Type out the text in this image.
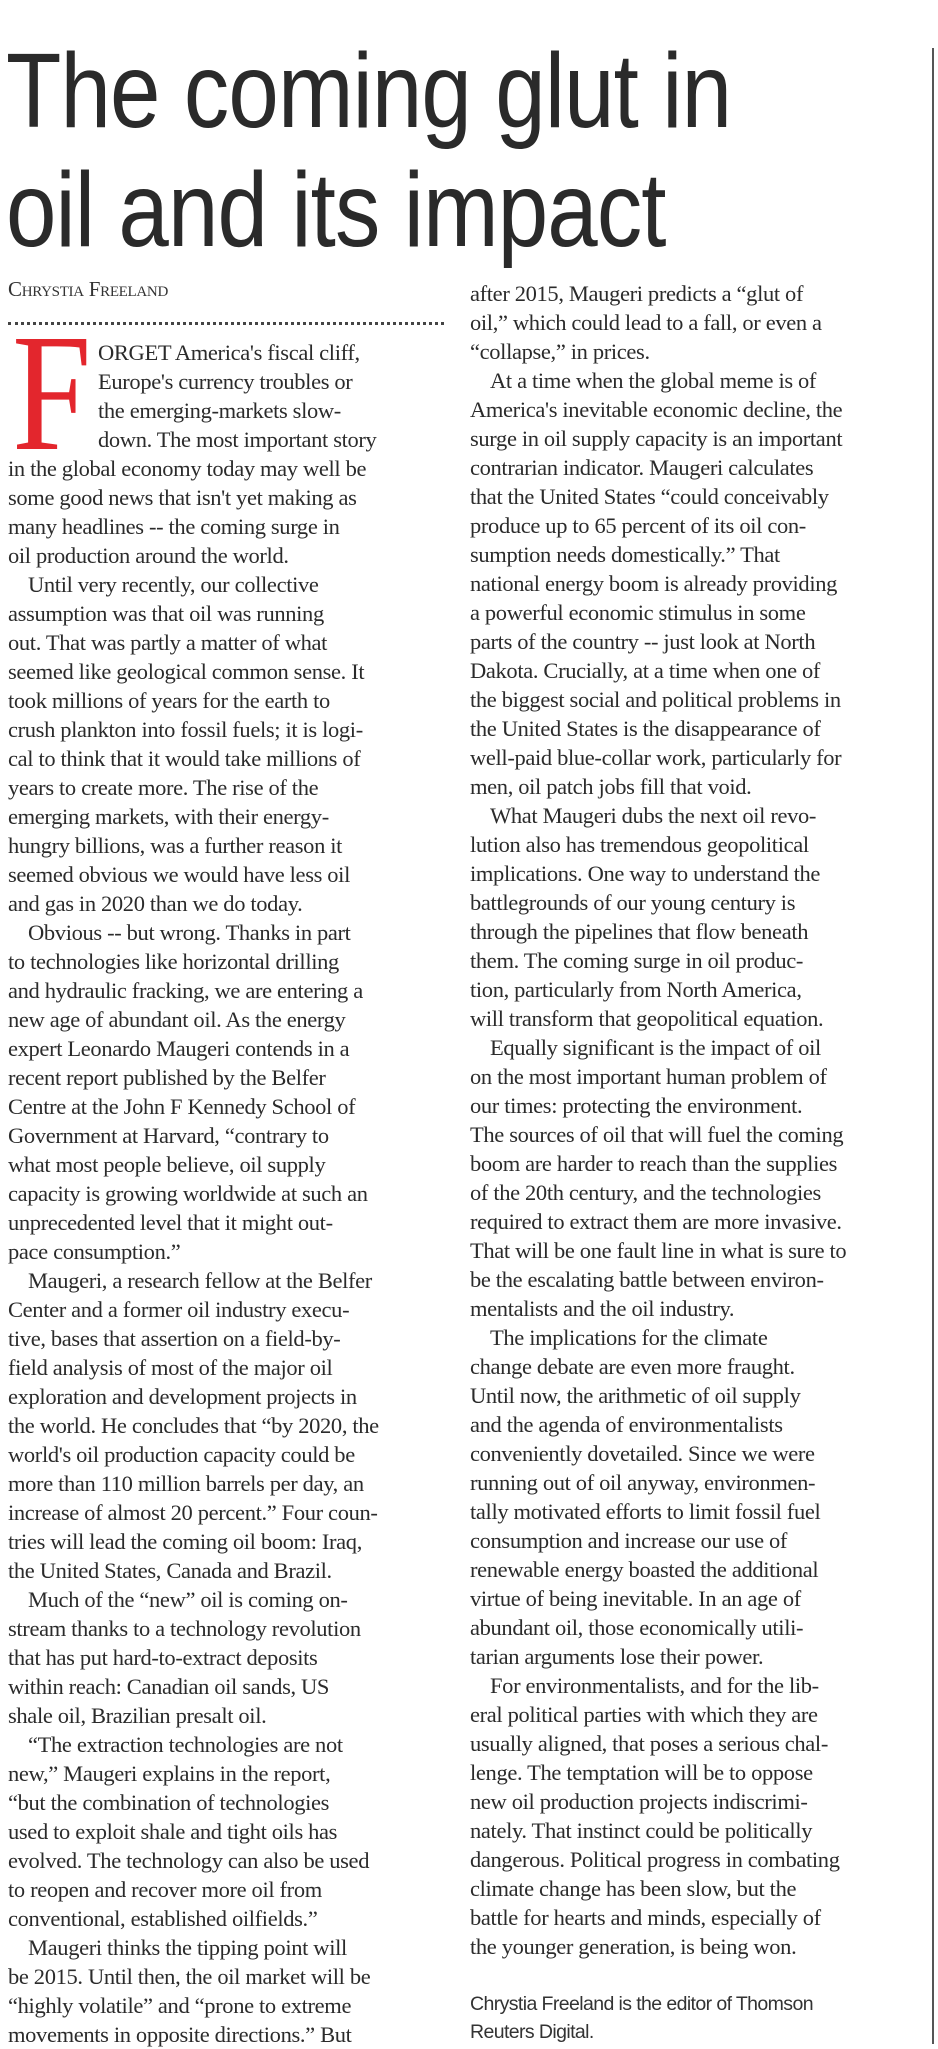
The coming glut in
oil and its impact
Chrystia Freeland
F ORGET America's fiscal cliff,
Europe's currency troubles or
the emerging-markets slow-
down. The most important story
in the global economy today may well be
some good news that isn't yet making as
many headlines -- the coming surge in
oil production around the world.
Until very recently, our collective
assumption was that oil was running
out. That was partly a matter of what
seemed like geological common sense. It
took millions of years for the earth to
crush plankton into fossil fuels; it is logi-
cal to think that it would take millions of
years to create more. The rise of the
emerging markets, with their energy-
hungry billions, was a further reason it
seemed obvious we would have less oil
and gas in 2020 than we do today.
Obvious -- but wrong. Thanks in part
to technologies like horizontal drilling
and hydraulic fracking, we are entering a
new age of abundant oil. As the energy
expert Leonardo Maugeri contends in a
recent report published by the Belfer
Centre at the John F Kennedy School of
Government at Harvard, “contrary to
what most people believe, oil supply
capacity is growing worldwide at such an
unprecedented level that it might out-
pace consumption.”
Maugeri, a research fellow at the Belfer
Center and a former oil industry execu-
tive, bases that assertion on a field-by-
field analysis of most of the major oil
exploration and development projects in
the world. He concludes that “by 2020, the
world's oil production capacity could be
more than 110 million barrels per day, an
increase of almost 20 percent.” Four coun-
tries will lead the coming oil boom: Iraq,
the United States, Canada and Brazil.
Much of the “new” oil is coming on-
stream thanks to a technology revolution
that has put hard-to-extract deposits
within reach: Canadian oil sands, US
shale oil, Brazilian presalt oil.
“The extraction technologies are not
new,” Maugeri explains in the report,
“but the combination of technologies
used to exploit shale and tight oils has
evolved. The technology can also be used
to reopen and recover more oil from
conventional, established oilfields.”
Maugeri thinks the tipping point will
be 2015. Until then, the oil market will be
“highly volatile” and “prone to extreme
movements in opposite directions.” But
after 2015, Maugeri predicts a “glut of
oil,” which could lead to a fall, or even a
“collapse,” in prices.
At a time when the global meme is of
America's inevitable economic decline, the
surge in oil supply capacity is an important
contrarian indicator. Maugeri calculates
that the United States “could conceivably
produce up to 65 percent of its oil con-
sumption needs domestically.” That
national energy boom is already providing
a powerful economic stimulus in some
parts of the country -- just look at North
Dakota. Crucially, at a time when one of
the biggest social and political problems in
the United States is the disappearance of
well-paid blue-collar work, particularly for
men, oil patch jobs fill that void.
What Maugeri dubs the next oil revo-
lution also has tremendous geopolitical
implications. One way to understand the
battlegrounds of our young century is
through the pipelines that flow beneath
them. The coming surge in oil produc-
tion, particularly from North America,
will transform that geopolitical equation.
Equally significant is the impact of oil
on the most important human problem of
our times: protecting the environment.
The sources of oil that will fuel the coming
boom are harder to reach than the supplies
of the 20th century, and the technologies
required to extract them are more invasive.
That will be one fault line in what is sure to
be the escalating battle between environ-
mentalists and the oil industry.
The implications for the climate
change debate are even more fraught.
Until now, the arithmetic of oil supply
and the agenda of environmentalists
conveniently dovetailed. Since we were
running out of oil anyway, environmen-
tally motivated efforts to limit fossil fuel
consumption and increase our use of
renewable energy boasted the additional
virtue of being inevitable. In an age of
abundant oil, those economically utili-
tarian arguments lose their power.
For environmentalists, and for the lib-
eral political parties with which they are
usually aligned, that poses a serious chal-
lenge. The temptation will be to oppose
new oil production projects indiscrimi-
nately. That instinct could be politically
dangerous. Political progress in combating
climate change has been slow, but the
battle for hearts and minds, especially of
the younger generation, is being won.
Chrystia Freeland is the editor of Thomson
Reuters Digital.
